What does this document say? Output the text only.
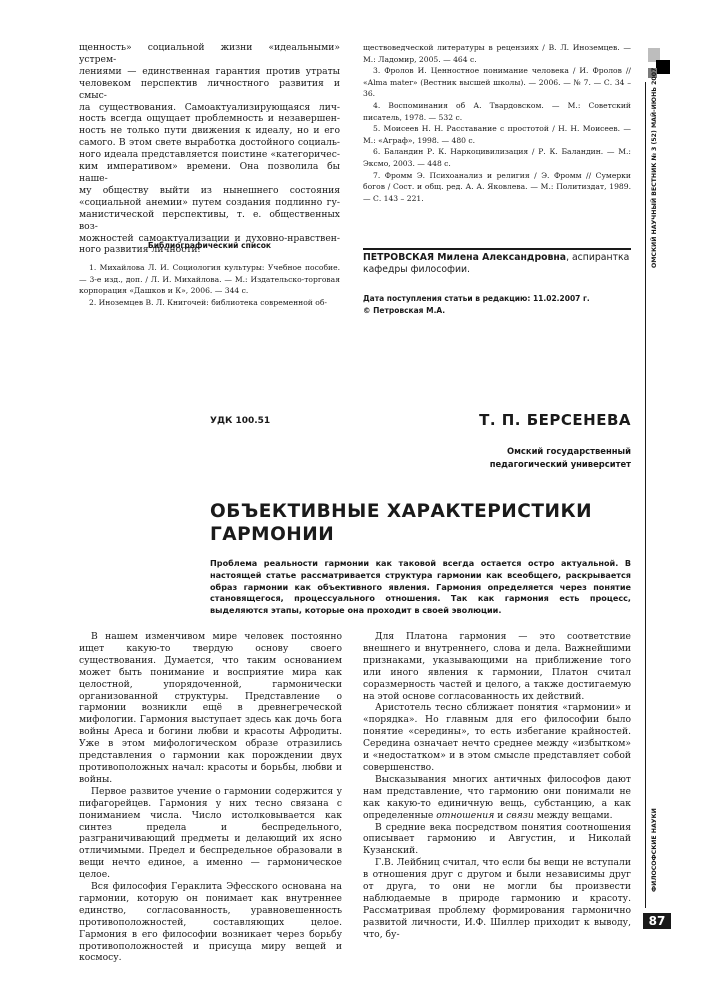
щенность» социальной жизни «идеальными» устрем-

лениями — единственная гарантия против утраты

человеком перспектив личностного развития и смыс-

ла существования. Самоактуализирующаяся лич-

ность всегда ощущает проблемность и незавершен-

ность не только пути движения к идеалу, но и его

самого. В этом свете выработка достойного социаль-

ного идеала представляется поистине «категоричес-

ким императивом» времени. Она позволила бы наше-

му обществу выйти из нынешнего состояния

«социальной анемии» путем создания подлинно гу-

манистической перспективы, т. е. общественных воз-

можностей самоактуализации и духовно-нравствен-

ного развития личности.

Библиографический список

1. Михайлова Л. И. Социология культуры: Учебное пособие. — 3-е изд., доп. / Л. И. Михайлова. — М.: Издательско-торговая корпорация «Дашков и К», 2006. — 344 с.

2. Иноземцев В. Л. Книгочей: библиотека современной об-

ществоведческой литературы в рецензиях / В. Л. Иноземцев. — М.: Ладомир, 2005. — 464 с.

3. Фролов И. Ценностное понимание человека / И. Фролов // «Alma mater» (Вестник высшей школы). — 2006. — № 7. — С. 34 – 36.

4. Воспоминания об А. Твардовском. — М.: Советский писатель, 1978. — 532 с.

5. Моисеев Н. Н. Расставание с простотой / Н. Н. Моисеев. — М.: «Аграф», 1998. — 480 с.

6. Баландин Р. К. Наркоцивилизация / Р. К. Баландин. — М.: Эксмо, 2003. — 448 с.

7. Фромм Э. Психоанализ и религия / Э. Фромм // Сумерки богов / Сост. и общ. ред. А. А. Яковлева. — М.: Политиздат, 1989. — С. 143 – 221.

ПЕТРОВСКАЯ Милена Александровна, аспирантка кафедры философии.
Дата поступления статьи в редакцию: 11.02.2007 г.
© Петровская М.А.
УДК 100.51	Т. П. БЕРСЕНЕВА
Омский государственный
педагогический университет
ОБЪЕКТИВНЫЕ ХАРАКТЕРИСТИКИ
ГАРМОНИИ

Проблема реальности гармонии как таковой всегда остается остро актуальной. В настоящей статье рассматривается структура гармонии как всеобщего, раскрывается образ гармонии как объективного явления. Гармония определяется через понятие становящегося, процессуального отношения. Так как гармония есть процесс, выделяются этапы, которые она проходит в своей эволюции.

В нашем изменчивом мире человек постоянно ищет какую-то твердую основу своего существования. Думается, что таким основанием может быть понимание и восприятие мира как целостной, упорядоченной, гармонически организованной структуры. Представление о гармонии возникли ещё в древнегреческой мифологии. Гармония выступает здесь как дочь бога войны Ареса и богини любви и красоты Афродиты. Уже в этом мифологическом образе отразились представления о гармонии как порождении двух противоположных начал: красоты и борьбы, любви и войны.

Первое развитое учение о гармонии содержится у пифагорейцев. Гармония у них тесно связана с пониманием числа. Число истолковывается как синтез предела и беспредельного, разграничивающий предметы и делающий их ясно отличимыми. Предел и беспредельное образовали в вещи нечто единое, а именно — гармоническое целое.

Вся философия Гераклита Эфесского основана на гармонии, которую он понимает как внутреннее единство, согласованность, уравновешенность противоположностей, составляющих целое. Гармония в его философии возникает через борьбу противоположностей и присуща миру вещей и космосу.

Для Платона гармония — это соответствие внешнего и внутреннего, слова и дела. Важнейшими признаками, указывающими на приближение того или иного явления к гармонии, Платон считал соразмерность частей и целого, а также достигаемую на этой основе согласованность их действий.

Аристотель тесно сближает понятия «гармонии» и «порядка». Но главным для его философии было понятие «середины», то есть избегание крайностей. Середина означает нечто среднее между «избытком» и «недостатком» и в этом смысле представляет собой совершенство.

Высказывания многих античных философов дают нам представление, что гармонию они понимали не как какую-то единичную вещь, субстанцию, а как определенные отношения и связи между вещами.

В средние века посредством понятия соотношения описывает гармонию и Августин, и Николай Кузанский.

Г.В. Лейбниц считал, что если бы вещи не вступали в отношения друг с другом и были независимы друг от друга, то они не могли бы произвести наблюдаемые в природе гармонию и красоту. Рассматривая проблему формирования гармонично развитой личности, И.Ф. Шиллер приходит к выводу, что, бу-

ОМСКИЙ НАУЧНЫЙ ВЕСТНИК № 3 (52) МАЙ-ИЮНЬ 2007
ФИЛОСОФСКИЕ НАУКИ
87
